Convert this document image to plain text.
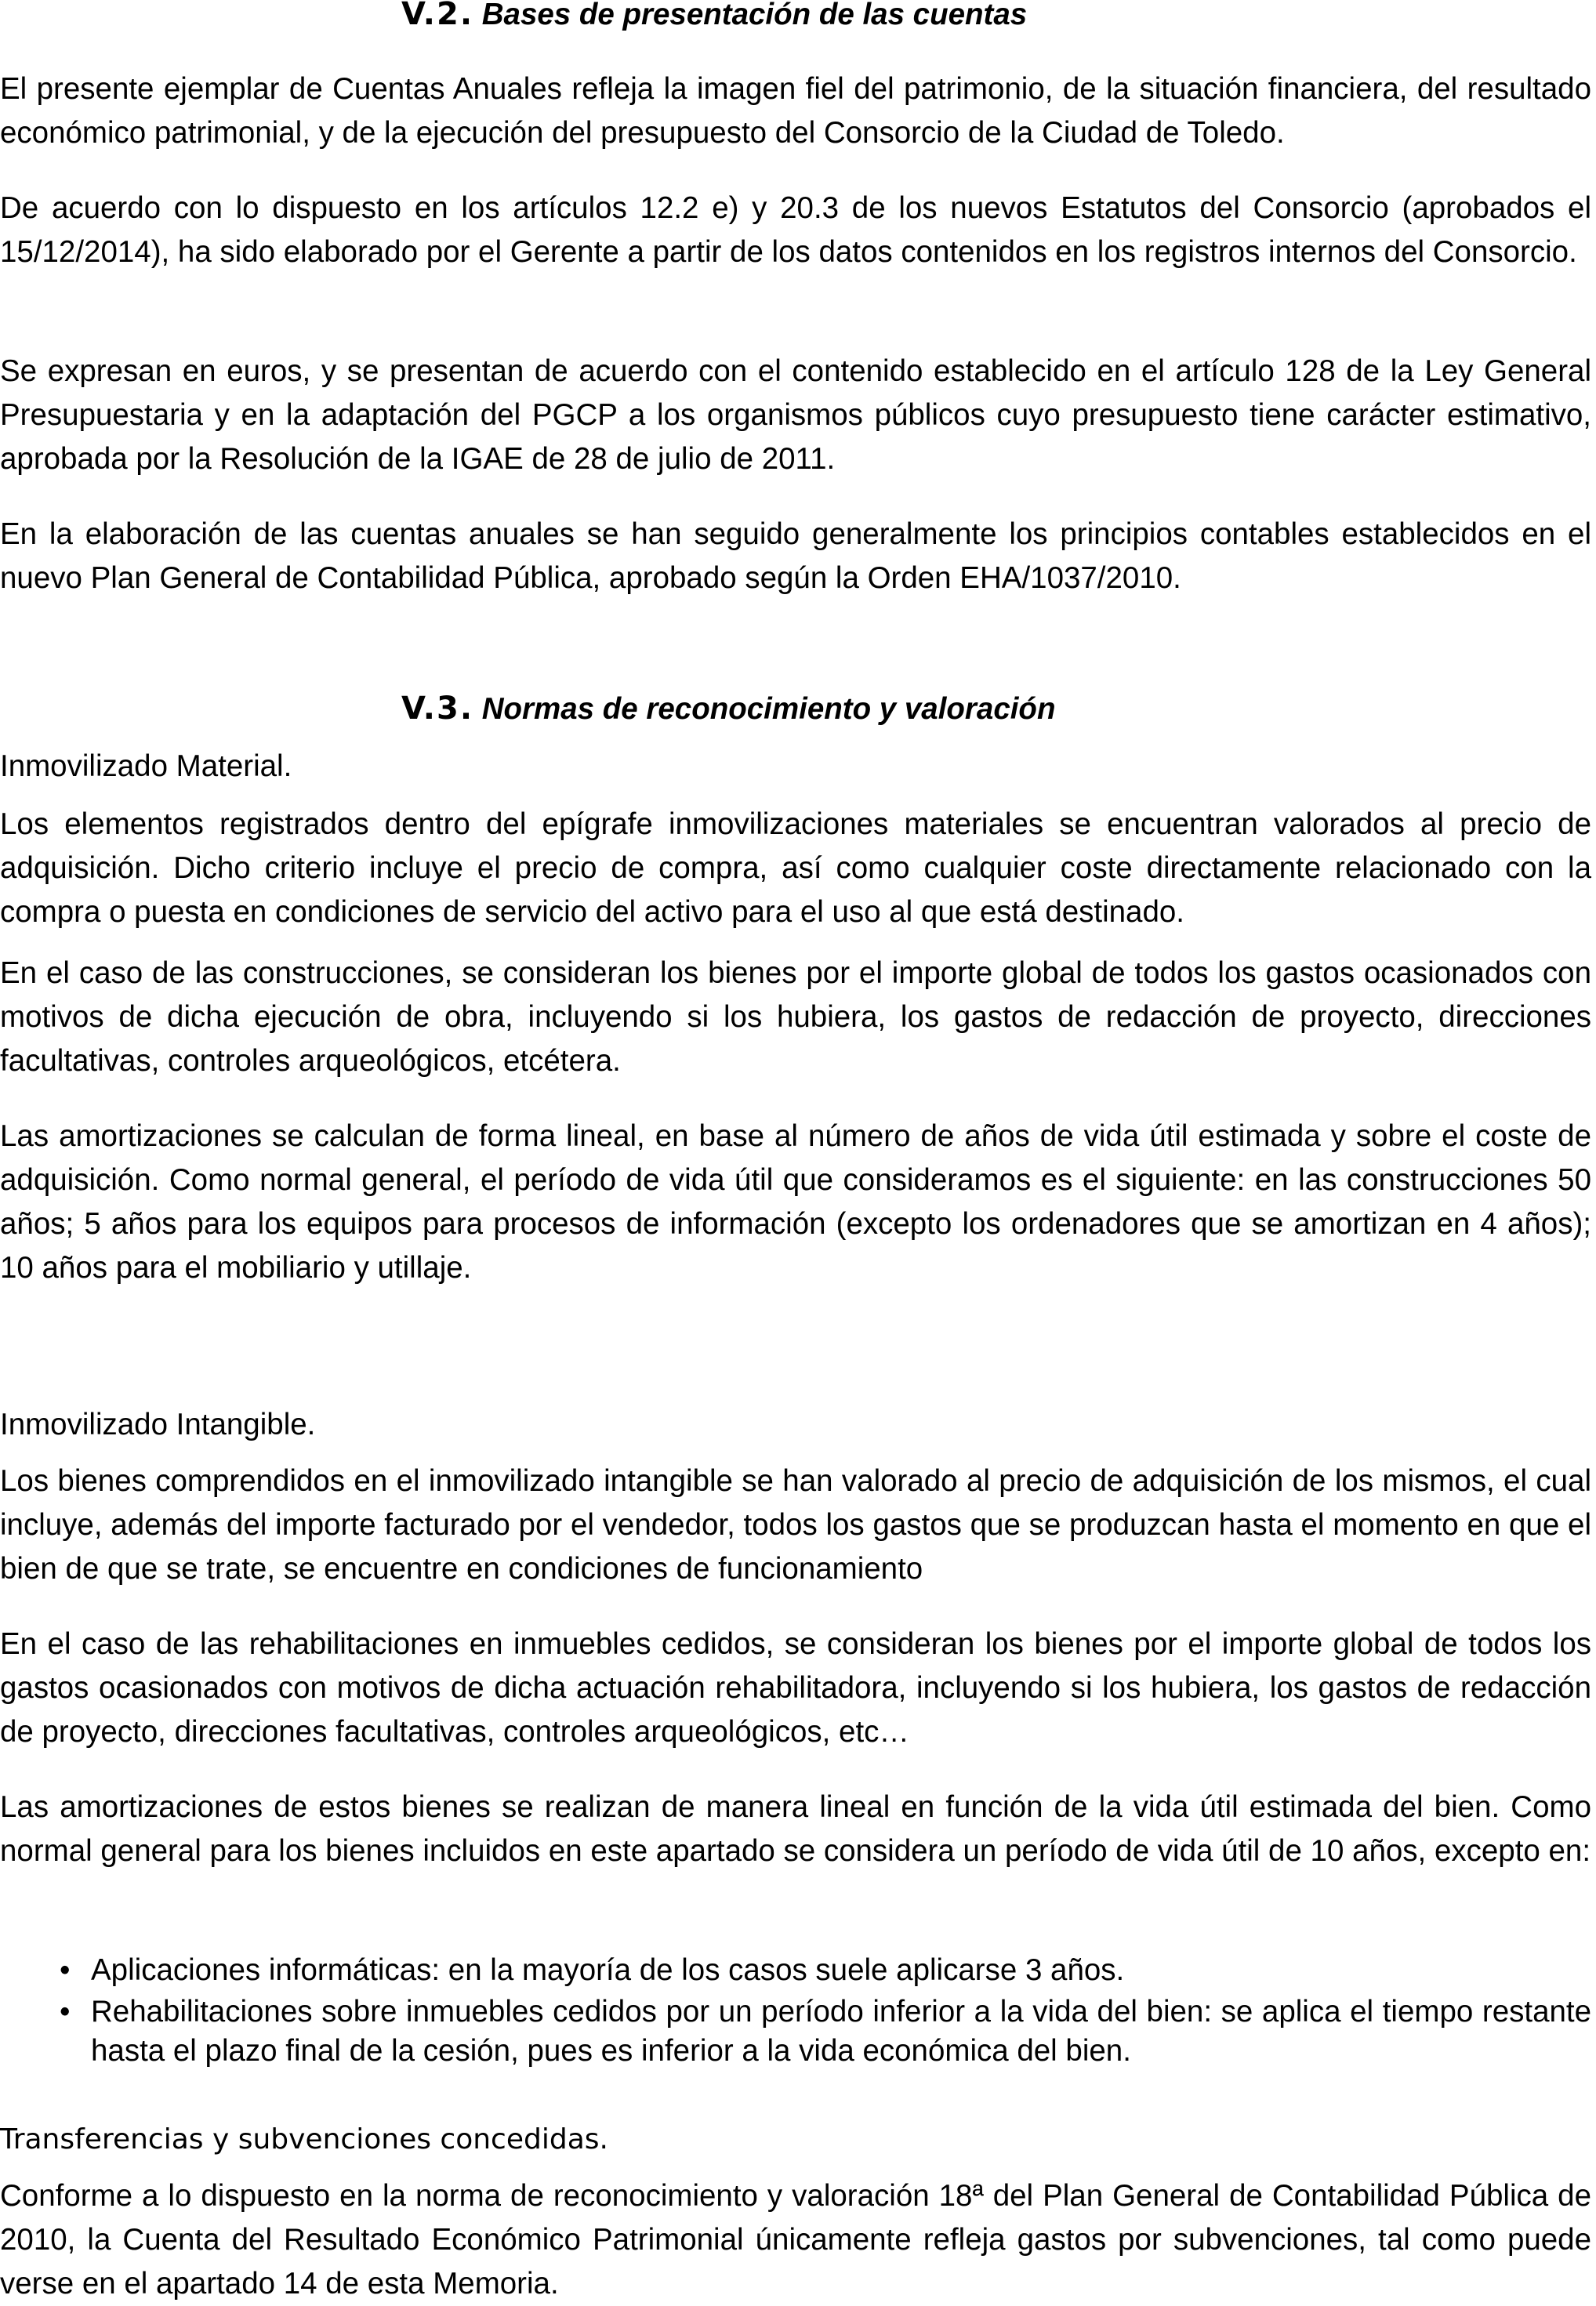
V.2. Bases de presentación de las cuentas

El presente ejemplar de Cuentas Anuales refleja la imagen fiel del patrimonio, de la situación financiera, del resultado económico patrimonial, y de la ejecución del presupuesto del Consorcio de la Ciudad de Toledo.

De acuerdo con lo dispuesto en los artículos 12.2 e) y 20.3 de los nuevos Estatutos del Consorcio (aprobados el 15/12/2014), ha sido elaborado por el Gerente a partir de los datos contenidos en los registros internos del Consorcio.

Se expresan en euros, y se presentan de acuerdo con el contenido establecido en el artículo 128 de la Ley General Presupuestaria y en la adaptación del PGCP a los organismos públicos cuyo presupuesto tiene carácter estimativo, aprobada por la Resolución de la IGAE de 28 de julio de 2011.

En la elaboración de las cuentas anuales se han seguido generalmente los principios contables establecidos en el nuevo Plan General de Contabilidad Pública, aprobado según la Orden EHA/1037/2010.

V.3. Normas de reconocimiento y valoración
Inmovilizado Material.

Los elementos registrados dentro del epígrafe inmovilizaciones materiales se encuentran valorados al precio de adquisición. Dicho criterio incluye el precio de compra, así como cualquier coste directamente relacionado con la compra o puesta en condiciones de servicio del activo para el uso al que está destinado.

En el caso de las construcciones, se consideran los bienes por el importe global de todos los gastos ocasionados con motivos de dicha ejecución de obra, incluyendo si los hubiera, los gastos de redacción de proyecto, direcciones facultativas, controles arqueológicos, etcétera.

Las amortizaciones se calculan de forma lineal, en base al número de años de vida útil estimada y sobre el coste de adquisición. Como normal general, el período de vida útil que consideramos es el siguiente: en las construcciones 50 años; 5 años para los equipos para procesos de información (excepto los ordenadores que se amortizan en 4 años); 10 años para el mobiliario y utillaje.

Inmovilizado Intangible.

Los bienes comprendidos en el inmovilizado intangible se han valorado al precio de adquisición de los mismos, el cual incluye, además del importe facturado por el vendedor, todos los gastos que se produzcan hasta el momento en que el bien de que se trate, se encuentre en condiciones de funcionamiento

En el caso de las rehabilitaciones en inmuebles cedidos, se consideran los bienes por el importe global de todos los gastos ocasionados con motivos de dicha actuación rehabilitadora, incluyendo si los hubiera, los gastos de redacción de proyecto, direcciones facultativas, controles arqueológicos, etc…

Las amortizaciones de estos bienes se realizan de manera lineal en función de la vida útil estimada del bien. Como normal general para los bienes incluidos en este apartado se considera un período de vida útil de 10 años, excepto en:

• Aplicaciones informáticas: en la mayoría de los casos suele aplicarse 3 años.
• Rehabilitaciones sobre inmuebles cedidos por un período inferior a la vida del bien: se aplica el tiempo restante hasta el plazo final de la cesión, pues es inferior a la vida económica del bien.
Transferencias y subvenciones concedidas.

Conforme a lo dispuesto en la norma de reconocimiento y valoración 18ª del Plan General de Contabilidad Pública de 2010, la Cuenta del Resultado Económico Patrimonial únicamente refleja gastos por subvenciones, tal como puede verse en el apartado 14 de esta Memoria.
